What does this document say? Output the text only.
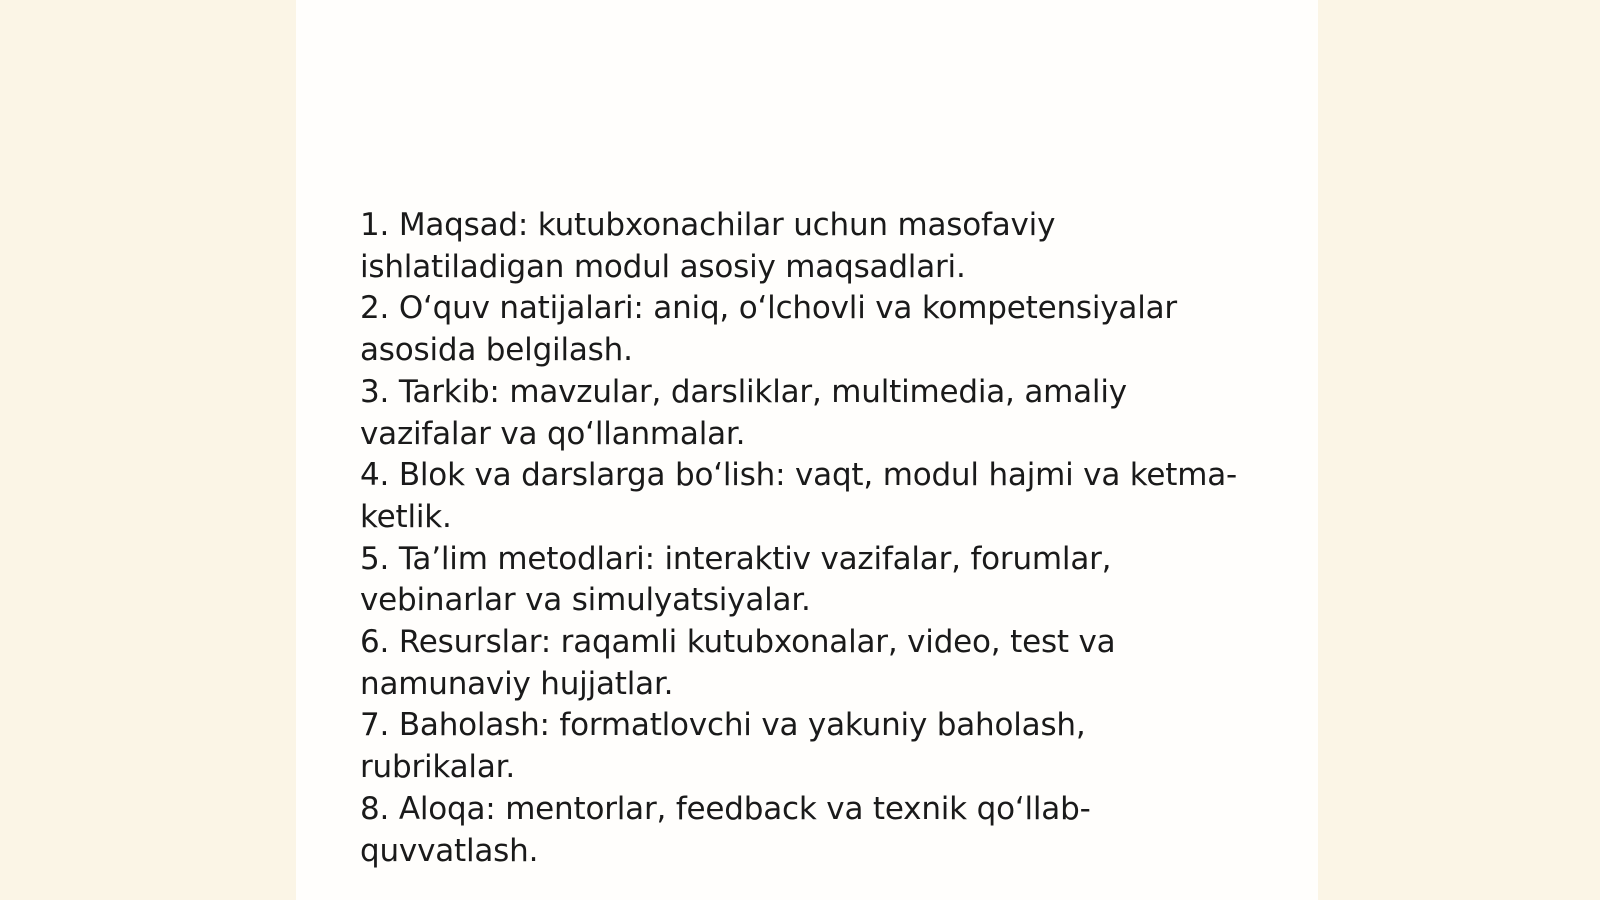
1. Maqsad: kutubxonachilar uchun masofaviy ishlatiladigan modul asosiy maqsadlari.
2. O‘quv natijalari: aniq, o‘lchovli va kompetensiyalar asosida belgilash.
3. Tarkib: mavzular, darsliklar, multimedia, amaliy vazifalar va qo‘llanmalar.
4. Blok va darslarga bo‘lish: vaqt, modul hajmi va ketma-ketlik.
5. Ta’lim metodlari: interaktiv vazifalar, forumlar, vebinarlar va simulyatsiyalar.
6. Resurslar: raqamli kutubxonalar, video, test va namunaviy hujjatlar.
7. Baholash: formatlovchi va yakuniy baholash, rubrikalar.
8. Aloqa: mentorlar, feedback va texnik qo‘llab-quvvatlash.
